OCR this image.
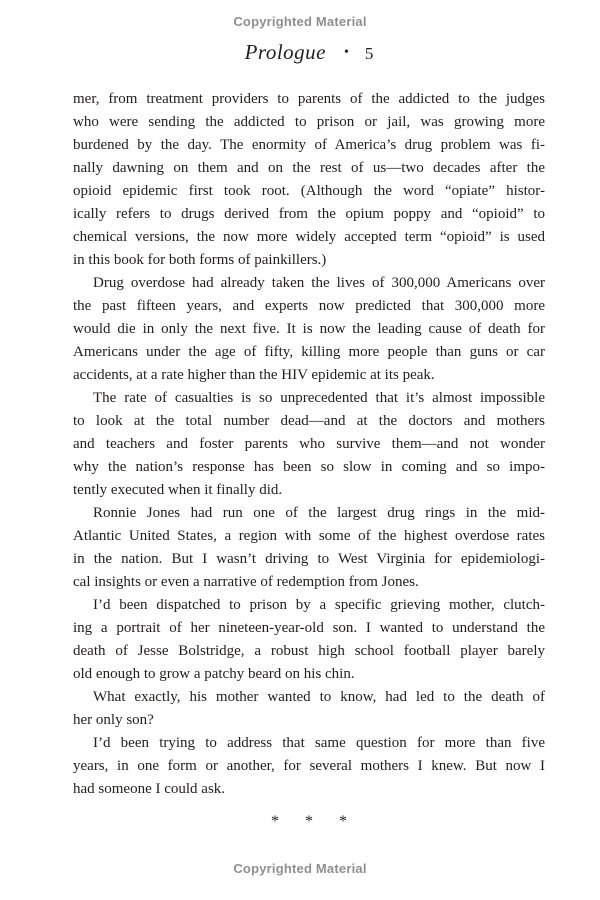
Copyrighted Material
Prologue • 5
mer, from treatment providers to parents of the addicted to the judges
who were sending the addicted to prison or jail, was growing more
burdened by the day. The enormity of America’s drug problem was fi-
nally dawning on them and on the rest of us—two decades after the
opioid epidemic first took root. (Although the word “opiate” histor-
ically refers to drugs derived from the opium poppy and “opioid” to
chemical versions, the now more widely accepted term “opioid” is used
in this book for both forms of painkillers.)
Drug overdose had already taken the lives of 300,000 Americans over
the past fifteen years, and experts now predicted that 300,000 more
would die in only the next five. It is now the leading cause of death for
Americans under the age of fifty, killing more people than guns or car
accidents, at a rate higher than the HIV epidemic at its peak.
The rate of casualties is so unprecedented that it’s almost impossible
to look at the total number dead—and at the doctors and mothers
and teachers and foster parents who survive them—and not wonder
why the nation’s response has been so slow in coming and so impo-
tently executed when it finally did.
Ronnie Jones had run one of the largest drug rings in the mid-
Atlantic United States, a region with some of the highest overdose rates
in the nation. But I wasn’t driving to West Virginia for epidemiologi-
cal insights or even a narrative of redemption from Jones.
I’d been dispatched to prison by a specific grieving mother, clutch-
ing a portrait of her nineteen-year-old son. I wanted to understand the
death of Jesse Bolstridge, a robust high school football player barely
old enough to grow a patchy beard on his chin.
What exactly, his mother wanted to know, had led to the death of
her only son?
I’d been trying to address that same question for more than five
years, in one form or another, for several mothers I knew. But now I
had someone I could ask.
* * *
Copyrighted Material
